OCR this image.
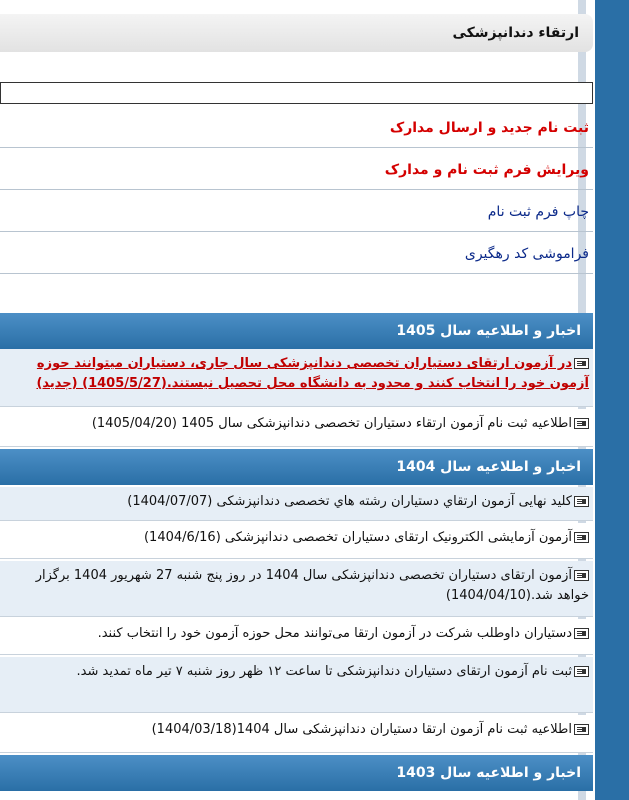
ارتقاء دندانپزشکی
ثبت نام جدید و ارسال مدارک
ویرایش فرم ثبت نام و مدارک
چاپ فرم ثبت نام
فراموشی کد رهگیری
اخبار و اطلاعیه سال 1405
در آزمون ارتقای دستیاران تخصصی دندانپزشکی سال جاری، دستیاران میتوانند حوزه آزمون خود را انتخاب کنند و محدود به دانشگاه محل تحصیل نیستند.(1405/5/27) (جدید)
اطلاعیه ثبت نام آزمون ارتقاء دستیاران تخصصی دندانپزشکی سال 1405 (1405/04/20)
اخبار و اطلاعیه سال 1404
کلید نهایی آزمون ارتقاي دستياران رشته هاي تخصصی دندانپزشکی (1404/07/07)
آزمون آزمایشی الکترونیک ارتقای دستیاران تخصصی دندانپزشکی (1404/6/16)
آزمون ارتقای دستیاران تخصصی دندانپزشکی سال 1404 در روز پنج شنبه 27 شهریور 1404 برگزار خواهد شد.(1404/04/10)
دستیاران داوطلب شرکت در آزمون ارتقا می‌توانند محل حوزه آزمون خود را انتخاب کنند.
ثبت نام آزمون ارتقای دستیاران دندانپزشکی تا ساعت ۱۲ ظهر روز شنبه ۷ تیر ماه تمدید شد.
اطلاعیه ثبت نام آزمون ارتقا دستیاران دندانپزشکی سال 1404(1404/03/18)
اخبار و اطلاعیه سال 1403
